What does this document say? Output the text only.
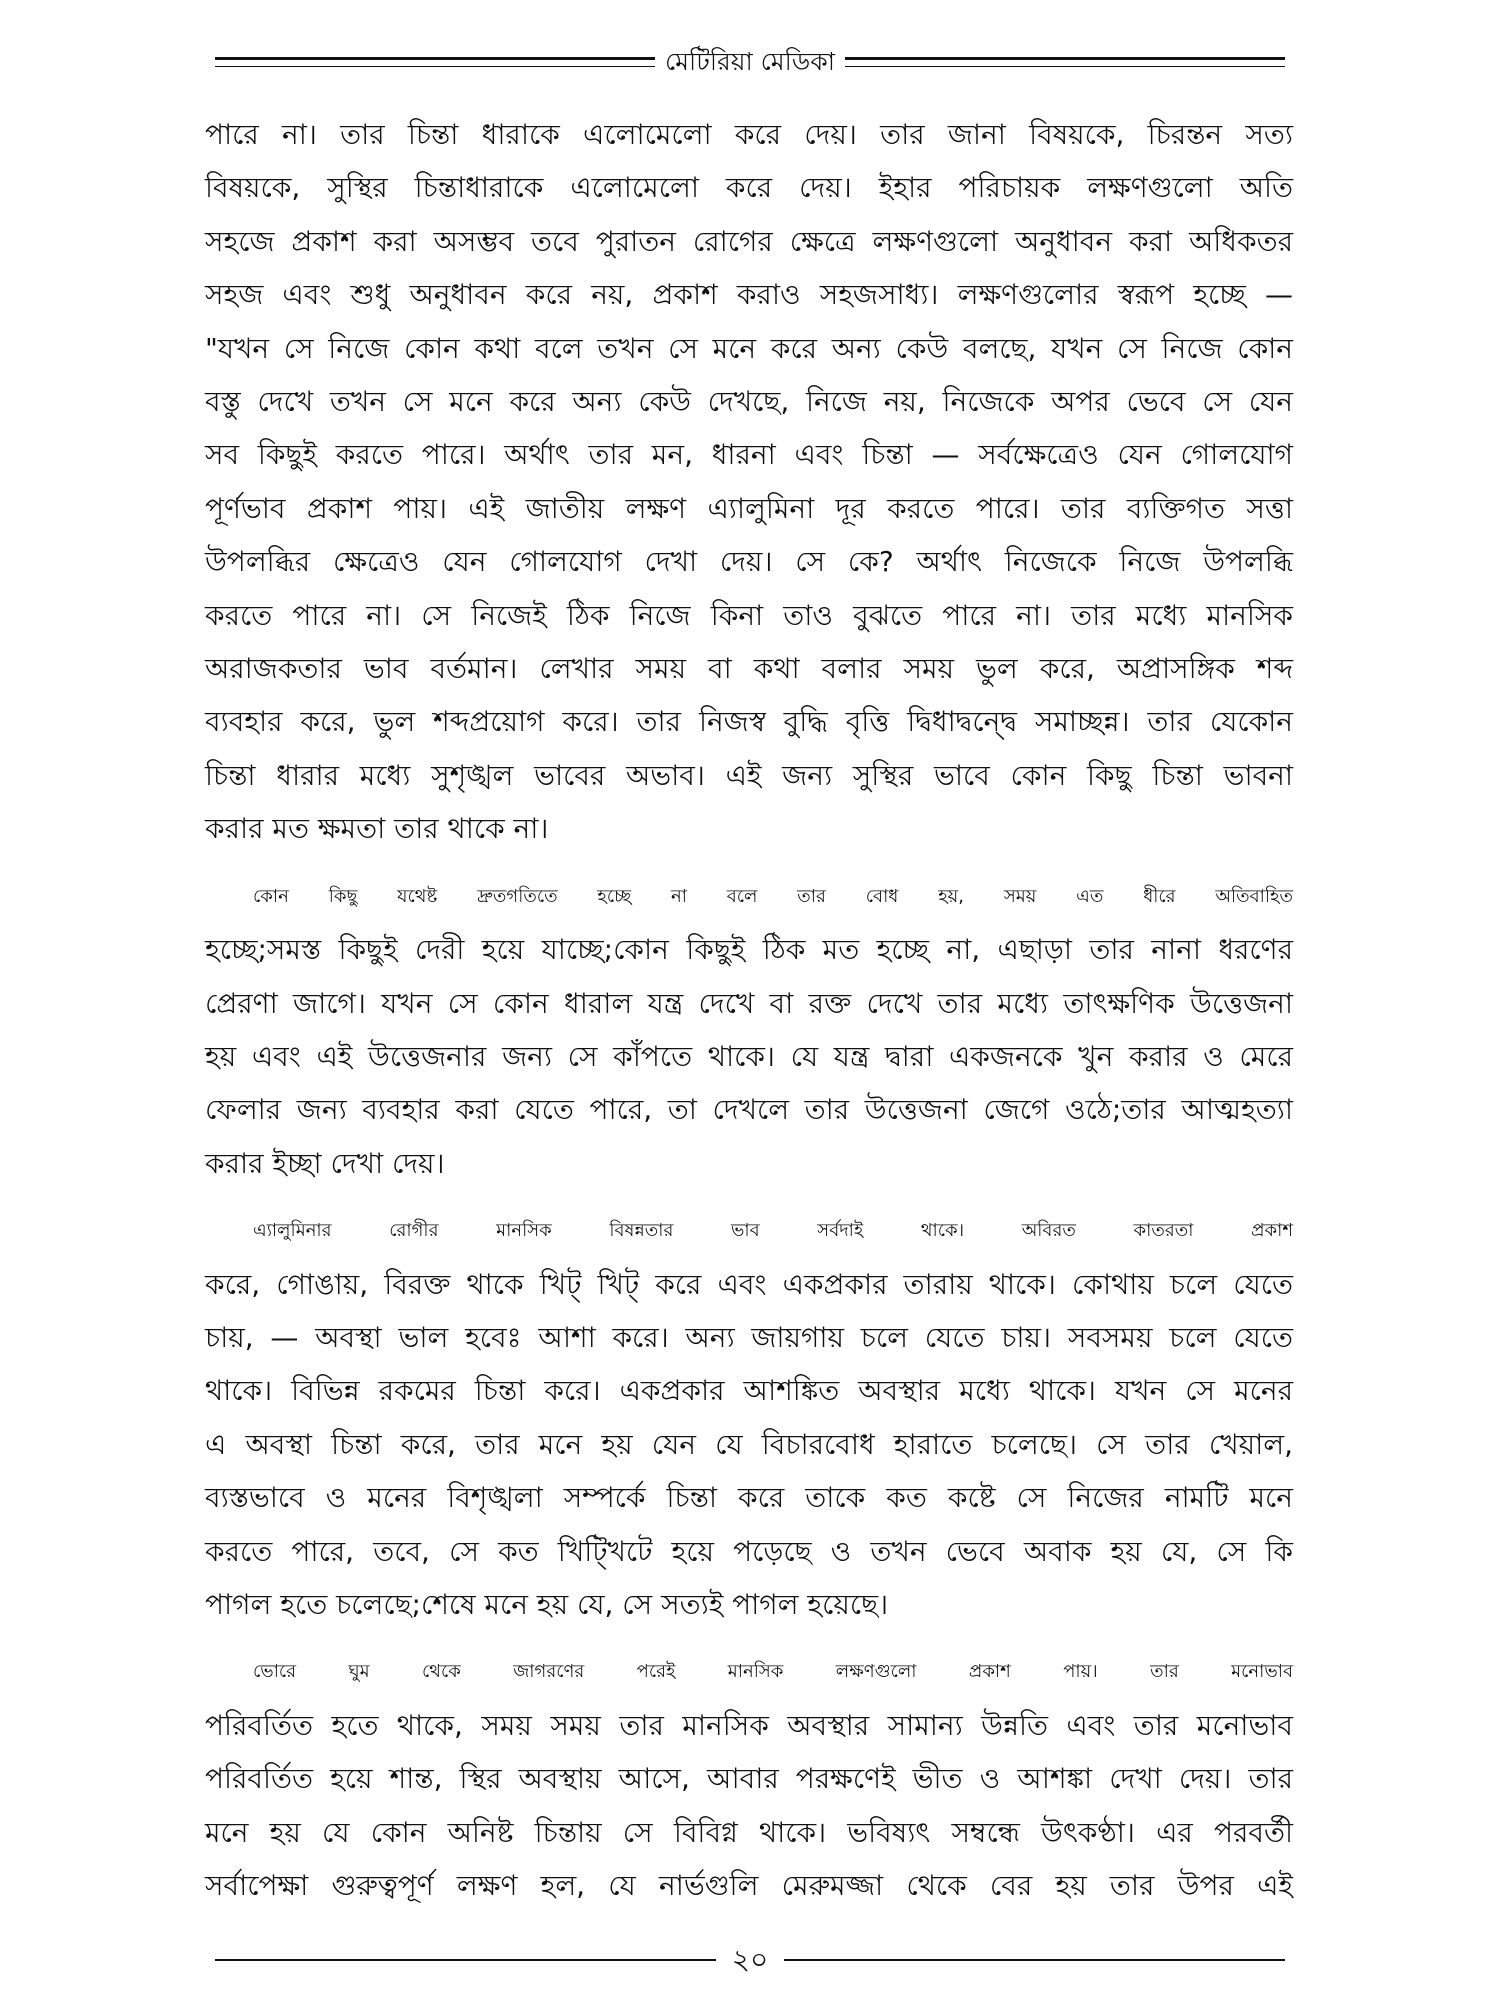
মেটিরিয়া মেডিকা

পারে না। তার চিন্তা ধারাকে এলোমেলো করে দেয়। তার জানা বিষয়কে, চিরন্তন সত্য
বিষয়কে, সুস্থির চিন্তাধারাকে এলোমেলো করে দেয়। ইহার পরিচায়ক লক্ষণগুলো অতি
সহজে প্রকাশ করা অসম্ভব তবে পুরাতন রোগের ক্ষেত্রে লক্ষণগুলো অনুধাবন করা অধিকতর
সহজ এবং শুধু অনুধাবন করে নয়, প্রকাশ করাও সহজসাধ্য। লক্ষণগুলোর স্বরূপ হচ্ছে —
"যখন সে নিজে কোন কথা বলে তখন সে মনে করে অন্য কেউ বলছে, যখন সে নিজে কোন
বস্তু দেখে তখন সে মনে করে অন্য কেউ দেখছে, নিজে নয়, নিজেকে অপর ভেবে সে যেন
সব কিছুই করতে পারে। অর্থাৎ তার মন, ধারনা এবং চিন্তা — সর্বক্ষেত্রেও যেন গোলযোগ
পূর্ণভাব প্রকাশ পায়। এই জাতীয় লক্ষণ এ্যালুমিনা দূর করতে পারে। তার ব্যক্তিগত সত্তা
উপলব্ধির ক্ষেত্রেও যেন গোলযোগ দেখা দেয়। সে কে? অর্থাৎ নিজেকে নিজে উপলব্ধি
করতে পারে না। সে নিজেই ঠিক নিজে কিনা তাও বুঝতে পারে না। তার মধ্যে মানসিক
অরাজকতার ভাব বর্তমান। লেখার সময় বা কথা বলার সময় ভুল করে, অপ্রাসঙ্গিক শব্দ
ব্যবহার করে, ভুল শব্দপ্রয়োগ করে। তার নিজস্ব বুদ্ধি বৃত্তি দ্বিধাদ্বন্দ্বে সমাচ্ছন্ন। তার যেকোন
চিন্তা ধারার মধ্যে সুশৃঙ্খল ভাবের অভাব। এই জন্য সুস্থির ভাবে কোন কিছু চিন্তা ভাবনা
করার মত ক্ষমতা তার থাকে না।

কোন কিছু যথেষ্ট দ্রুতগতিতে হচ্ছে না বলে তার বোধ হয়, সময় এত ধীরে অতিবাহিত
হচ্ছে;সমস্ত কিছুই দেরী হয়ে যাচ্ছে;কোন কিছুই ঠিক মত হচ্ছে না, এছাড়া তার নানা ধরণের
প্রেরণা জাগে। যখন সে কোন ধারাল যন্ত্র দেখে বা রক্ত দেখে তার মধ্যে তাৎক্ষণিক উত্তেজনা
হয় এবং এই উত্তেজনার জন্য সে কাঁপতে থাকে। যে যন্ত্র দ্বারা একজনকে খুন করার ও মেরে
ফেলার জন্য ব্যবহার করা যেতে পারে, তা দেখলে তার উত্তেজনা জেগে ওঠে;তার আত্মহত্যা
করার ইচ্ছা দেখা দেয়।

এ্যালুমিনার রোগীর মানসিক বিষন্নতার ভাব সর্বদাই থাকে। অবিরত কাতরতা প্রকাশ
করে, গোঙায়, বিরক্ত থাকে খিট্ খিট্ করে এবং একপ্রকার তারায় থাকে। কোথায় চলে যেতে
চায়, — অবস্থা ভাল হবেঃ আশা করে। অন্য জায়গায় চলে যেতে চায়। সবসময় চলে যেতে
থাকে। বিভিন্ন রকমের চিন্তা করে। একপ্রকার আশঙ্কিত অবস্থার মধ্যে থাকে। যখন সে মনের
এ অবস্থা চিন্তা করে, তার মনে হয় যেন যে বিচারবোধ হারাতে চলেছে। সে তার খেয়াল,
ব্যস্তভাবে ও মনের বিশৃঙ্খলা সম্পর্কে চিন্তা করে তাকে কত কষ্টে সে নিজের নামটি মনে
করতে পারে, তবে, সে কত খিট্খিটে হয়ে পড়েছে ও তখন ভেবে অবাক হয় যে, সে কি
পাগল হতে চলেছে;শেষে মনে হয় যে, সে সত্যই পাগল হয়েছে।

ভোরে ঘুম থেকে জাগরণের পরেই মানসিক লক্ষণগুলো প্রকাশ পায়। তার মনোভাব
পরিবর্তিত হতে থাকে, সময় সময় তার মানসিক অবস্থার সামান্য উন্নতি এবং তার মনোভাব
পরিবর্তিত হয়ে শান্ত, স্থির অবস্থায় আসে, আবার পরক্ষণেই ভীত ও আশঙ্কা দেখা দেয়। তার
মনে হয় যে কোন অনিষ্ট চিন্তায় সে বিবিগ্ন থাকে। ভবিষ্যৎ সম্বন্ধে উৎকণ্ঠা। এর পরবর্তী
সর্বাপেক্ষা গুরুত্বপূর্ণ লক্ষণ হল, যে নার্ভগুলি মেরুমজ্জা থেকে বের হয় তার উপর এই

২০
